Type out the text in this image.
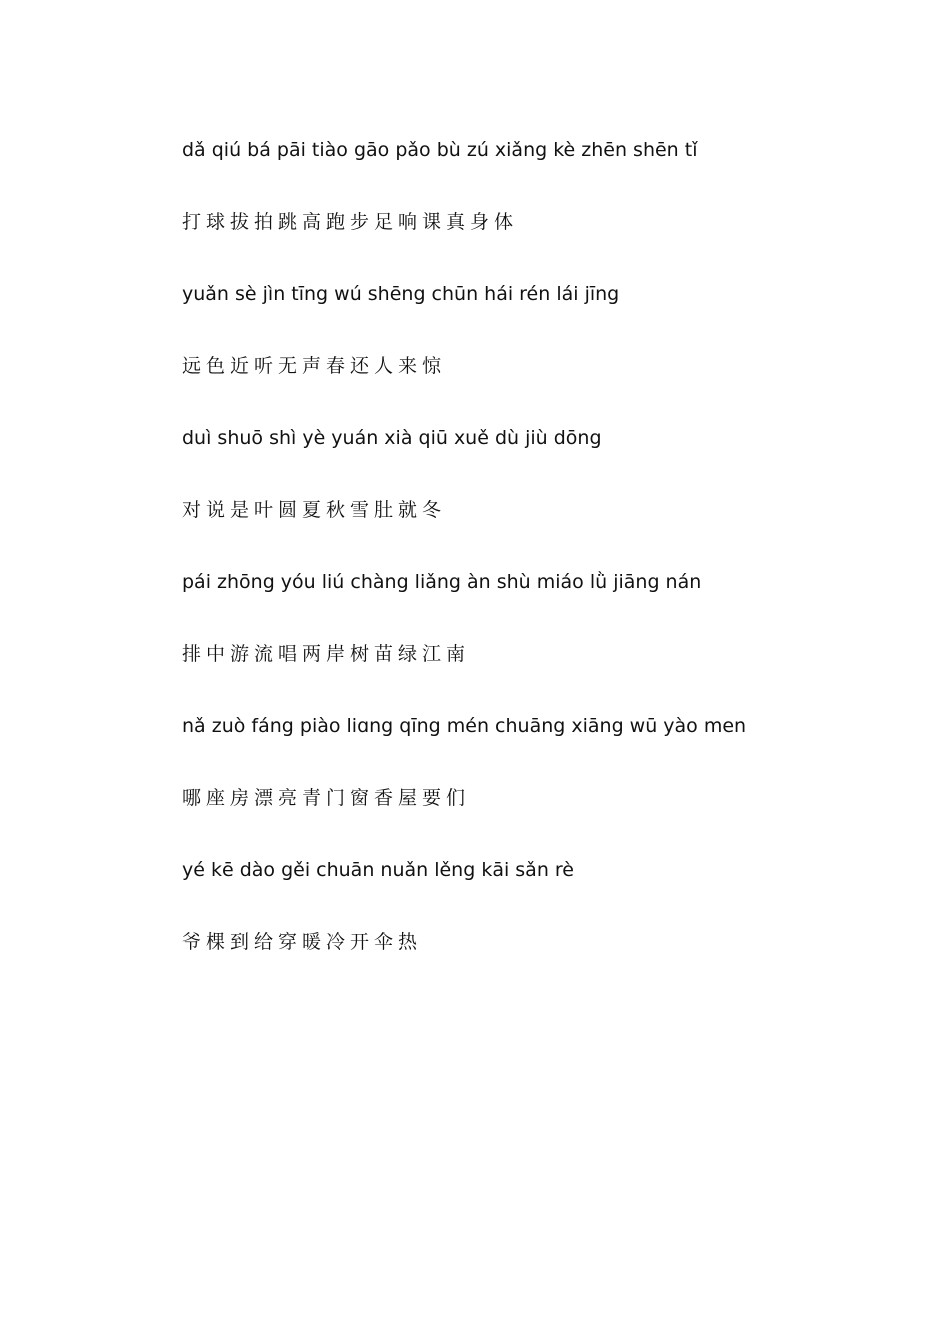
dǎ qiú bá pāi tiào gāo pǎo bù zú xiǎng kè zhēn shēn tǐ
打球拔拍跳高跑步足响课真身体
yuǎn sè jìn tīng wú shēng chūn hái rén lái jīng
远色近听无声春还人来惊
duì shuō shì yè yuán xià qiū xuě dù jiù dōng
对说是叶圆夏秋雪肚就冬
pái zhōng yóu liú chàng liǎng àn shù miáo lǜ jiāng nán
排中游流唱两岸树苗绿江南
nǎ zuò fáng piào liɑng qīng mén chuāng xiāng wū yào men
哪座房漂亮青门窗香屋要们
yé kē dào gěi chuān nuǎn lěng kāi sǎn rè
爷棵到给穿暖冷开伞热
